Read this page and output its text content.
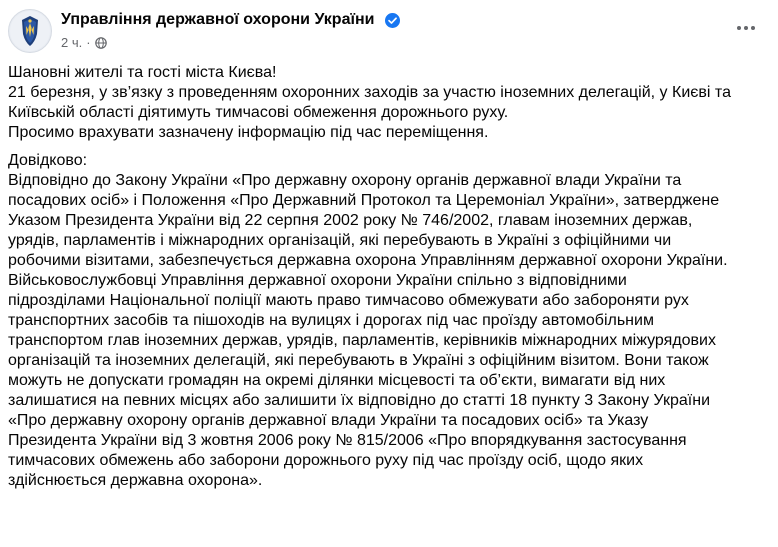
Управління державної охорони України
2 ч. ·
Шановні жителі та гості міста Києва!
21 березня, у зв’язку з проведенням охоронних заходів за участю іноземних делегацій, у Києві та
Київській області діятимуть тимчасові обмеження дорожнього руху.
Просимо врахувати зазначену інформацію під час переміщення.
Довідково:
Відповідно до Закону України «Про державну охорону органів державної влади України та
посадових осіб» і Положення «Про Державний Протокол та Церемоніал України», затверджене
Указом Президента України від 22 серпня 2002 року № 746/2002, главам іноземних держав,
урядів, парламентів і міжнародних організацій, які перебувають в Україні з офіційними чи
робочими візитами, забезпечується державна охорона Управлінням державної охорони України.
Військовослужбовці Управління державної охорони України спільно з відповідними
підрозділами Національної поліції мають право тимчасово обмежувати або забороняти рух
транспортних засобів та пішоходів на вулицях і дорогах під час проїзду автомобільним
транспортом глав іноземних держав, урядів, парламентів, керівників міжнародних міжурядових
організацій та іноземних делегацій, які перебувають в Україні з офіційним візитом. Вони також
можуть не допускати громадян на окремі ділянки місцевості та об’єкти, вимагати від них
залишатися на певних місцях або залишити їх відповідно до статті 18 пункту 3 Закону України
«Про державну охорону органів державної влади України та посадових осіб» та Указу
Президента України від 3 жовтня 2006 року № 815/2006 «Про впорядкування застосування
тимчасових обмежень або заборони дорожнього руху під час проїзду осіб, щодо яких
здійснюється державна охорона».
